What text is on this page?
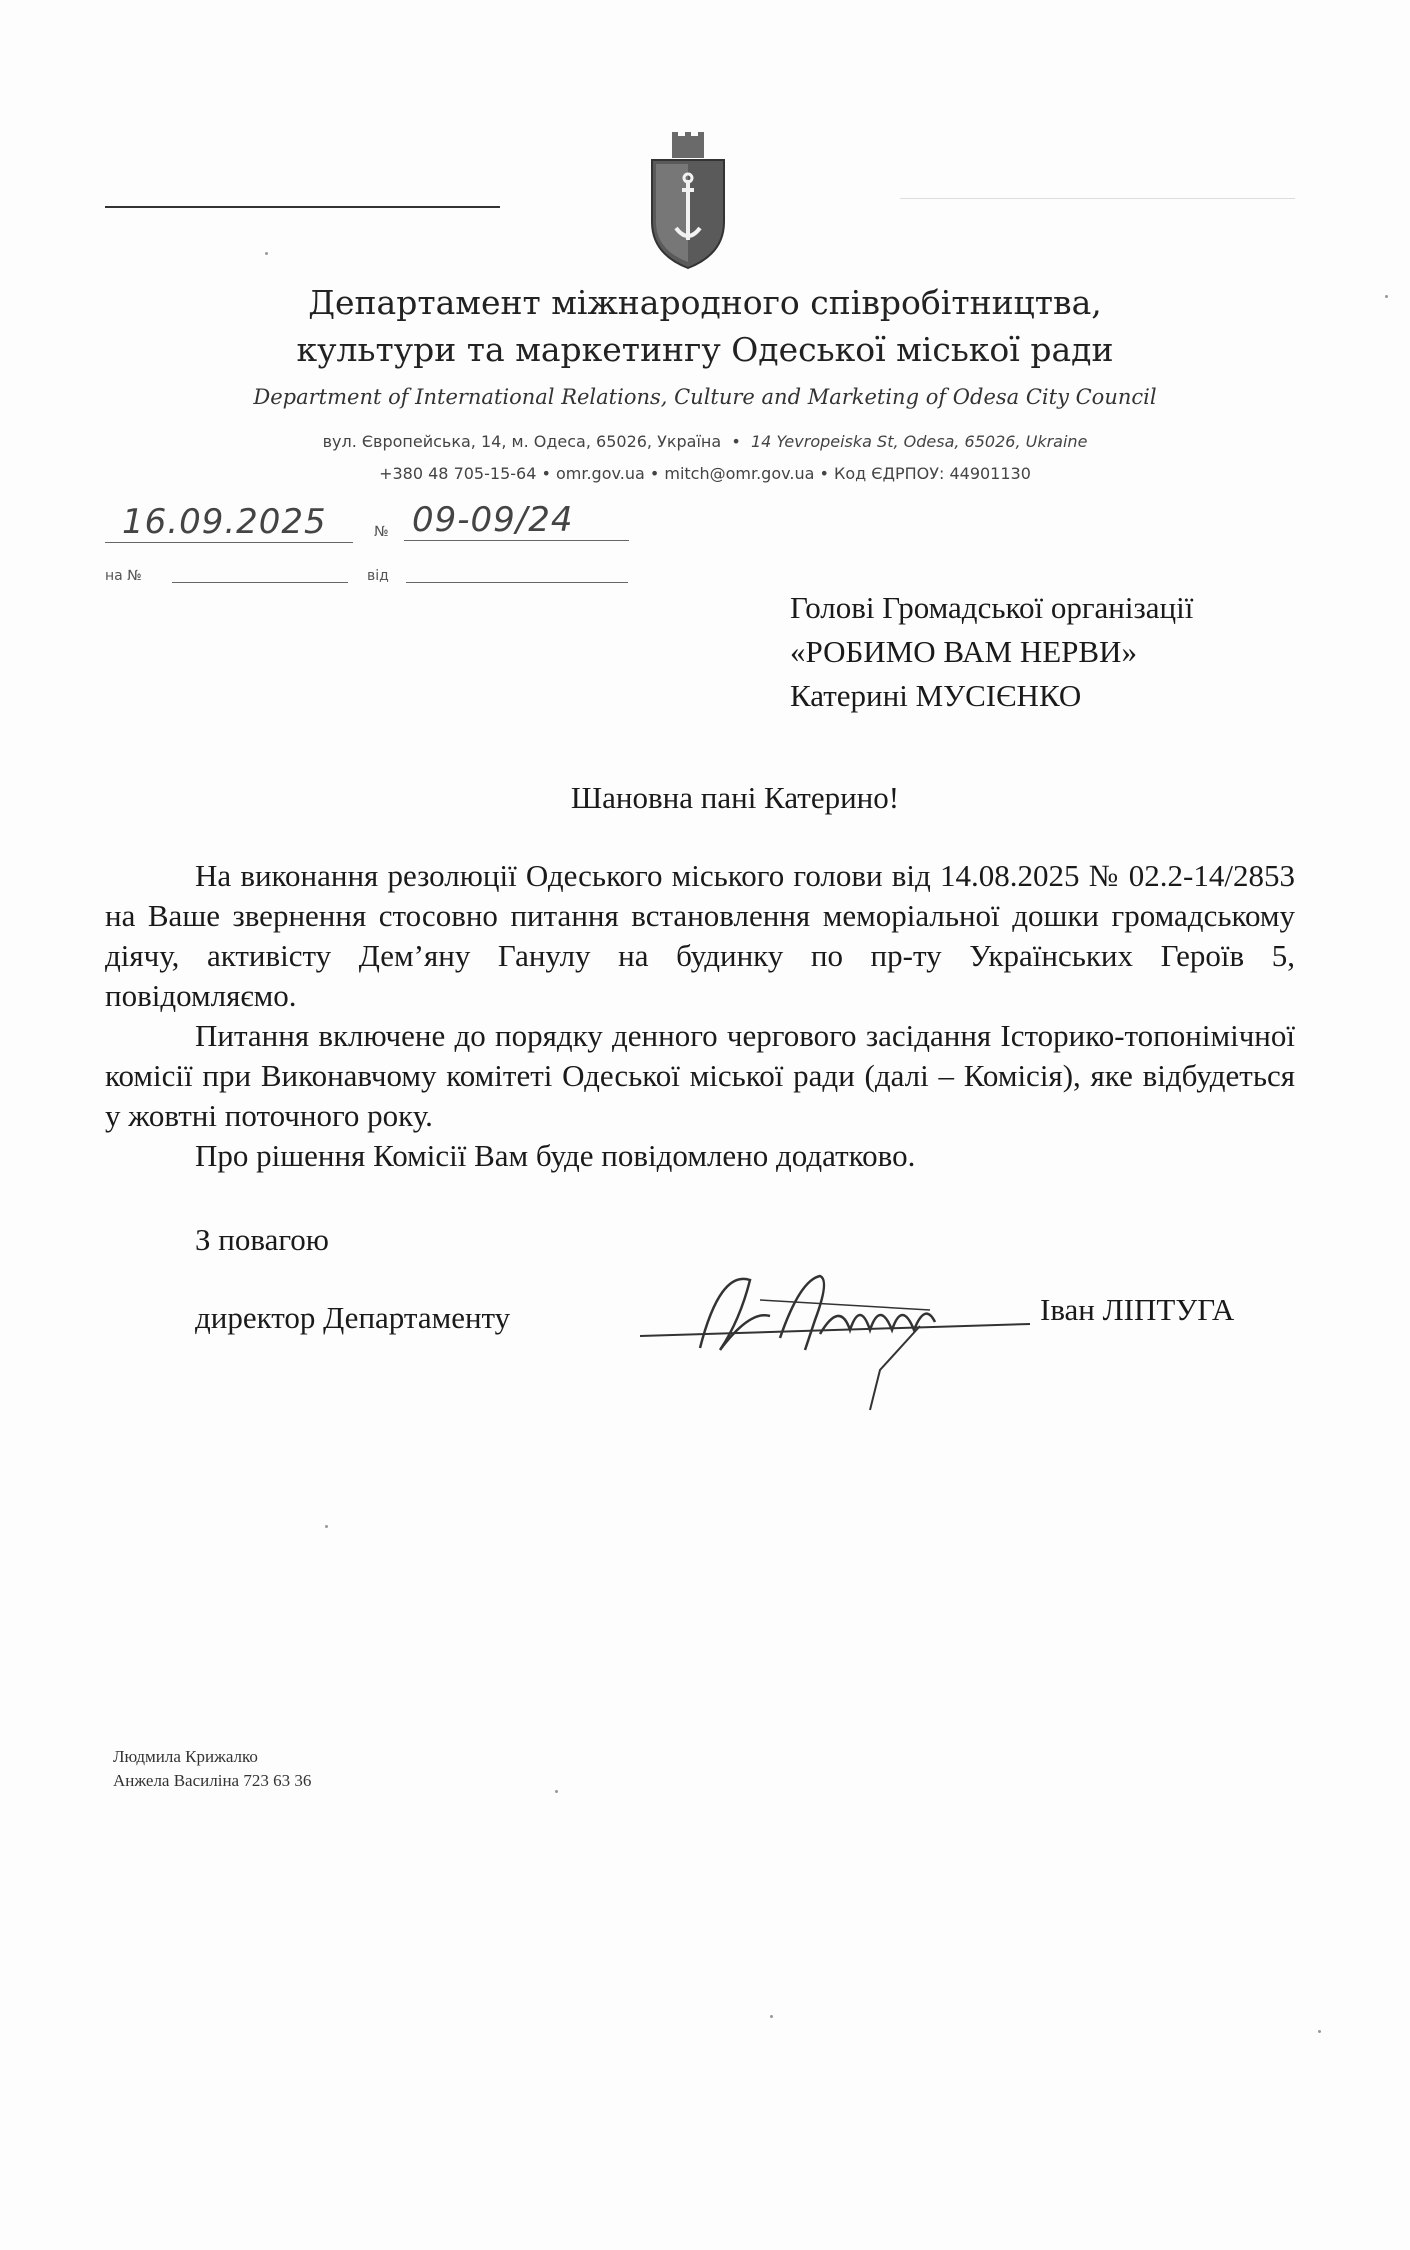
Департамент міжнародного співробітництва,
культури та маркетингу Одеської міської ради
Department of International Relations, Culture and Marketing of Odesa City Council
вул. Європейська, 14, м. Одеса, 65026, Україна • 14 Yevropeiska St, Odesa, 65026, Ukraine
+380 48 705-15-64 • omr.gov.ua • mitch@omr.gov.ua • Код ЄДРПОУ: 44901130
16.09.2025	№ 09-09/24
на №	від
Голові Громадської організації
«РОБИМО ВАМ НЕРВИ»
Катерині МУСІЄНКО
Шановна пані Катерино!

На виконання резолюції Одеського міського голови від 14.08.2025 № 02.2-14/2853 на Ваше звернення стосовно питання встановлення меморіальної дошки громадському діячу, активісту Дем’яну Ганулу на будинку по пр-ту Українських Героїв 5, повідомляємо.

Питання включене до порядку денного чергового засідання Історико-топонімічної комісії при Виконавчому комітеті Одеської міської ради (далі – Комісія), яке відбудеться у жовтні поточного року.

Про рішення Комісії Вам буде повідомлено додатково.

З повагою
директор Департаменту	Іван ЛІПТУГА
Людмила Крижалко
Анжела Василіна 723 63 36
